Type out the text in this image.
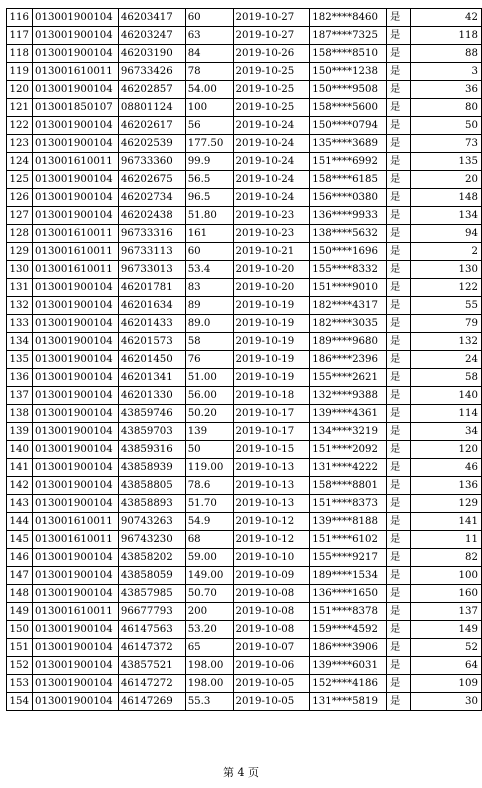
116	013001900104	46203417	60	2019-10-27	182****8460	是	42
117	013001900104	46203247	63	2019-10-27	187****7325	是	118
118	013001900104	46203190	84	2019-10-26	158****8510	是	88
119	013001610011	96733426	78	2019-10-25	150****1238	是	3
120	013001900104	46202857	54.00	2019-10-25	150****9508	是	36
121	013001850107	08801124	100	2019-10-25	158****5600	是	80
122	013001900104	46202617	56	2019-10-24	150****0794	是	50
123	013001900104	46202539	177.50	2019-10-24	135****3689	是	73
124	013001610011	96733360	99.9	2019-10-24	151****6992	是	135
125	013001900104	46202675	56.5	2019-10-24	158****6185	是	20
126	013001900104	46202734	96.5	2019-10-24	156****0380	是	148
127	013001900104	46202438	51.80	2019-10-23	136****9933	是	134
128	013001610011	96733316	161	2019-10-23	138****5632	是	94
129	013001610011	96733113	60	2019-10-21	150****1696	是	2
130	013001610011	96733013	53.4	2019-10-20	155****8332	是	130
131	013001900104	46201781	83	2019-10-20	151****9010	是	122
132	013001900104	46201634	89	2019-10-19	182****4317	是	55
133	013001900104	46201433	89.0	2019-10-19	182****3035	是	79
134	013001900104	46201573	58	2019-10-19	189****9680	是	132
135	013001900104	46201450	76	2019-10-19	186****2396	是	24
136	013001900104	46201341	51.00	2019-10-19	155****2621	是	58
137	013001900104	46201330	56.00	2019-10-18	132****9388	是	140
138	013001900104	43859746	50.20	2019-10-17	139****4361	是	114
139	013001900104	43859703	139	2019-10-17	134****3219	是	34
140	013001900104	43859316	50	2019-10-15	151****2092	是	120
141	013001900104	43858939	119.00	2019-10-13	131****4222	是	46
142	013001900104	43858805	78.6	2019-10-13	158****8801	是	136
143	013001900104	43858893	51.70	2019-10-13	151****8373	是	129
144	013001610011	90743263	54.9	2019-10-12	139****8188	是	141
145	013001610011	96743230	68	2019-10-12	151****6102	是	11
146	013001900104	43858202	59.00	2019-10-10	155****9217	是	82
147	013001900104	43858059	149.00	2019-10-09	189****1534	是	100
148	013001900104	43857985	50.70	2019-10-08	136****1650	是	160
149	013001610011	96677793	200	2019-10-08	151****8378	是	137
150	013001900104	46147563	53.20	2019-10-08	159****4592	是	149
151	013001900104	46147372	65	2019-10-07	186****3906	是	52
152	013001900104	43857521	198.00	2019-10-06	139****6031	是	64
153	013001900104	46147272	198.00	2019-10-05	152****4186	是	109
154	013001900104	46147269	55.3	2019-10-05	131****5819	是	30
第 4 页
